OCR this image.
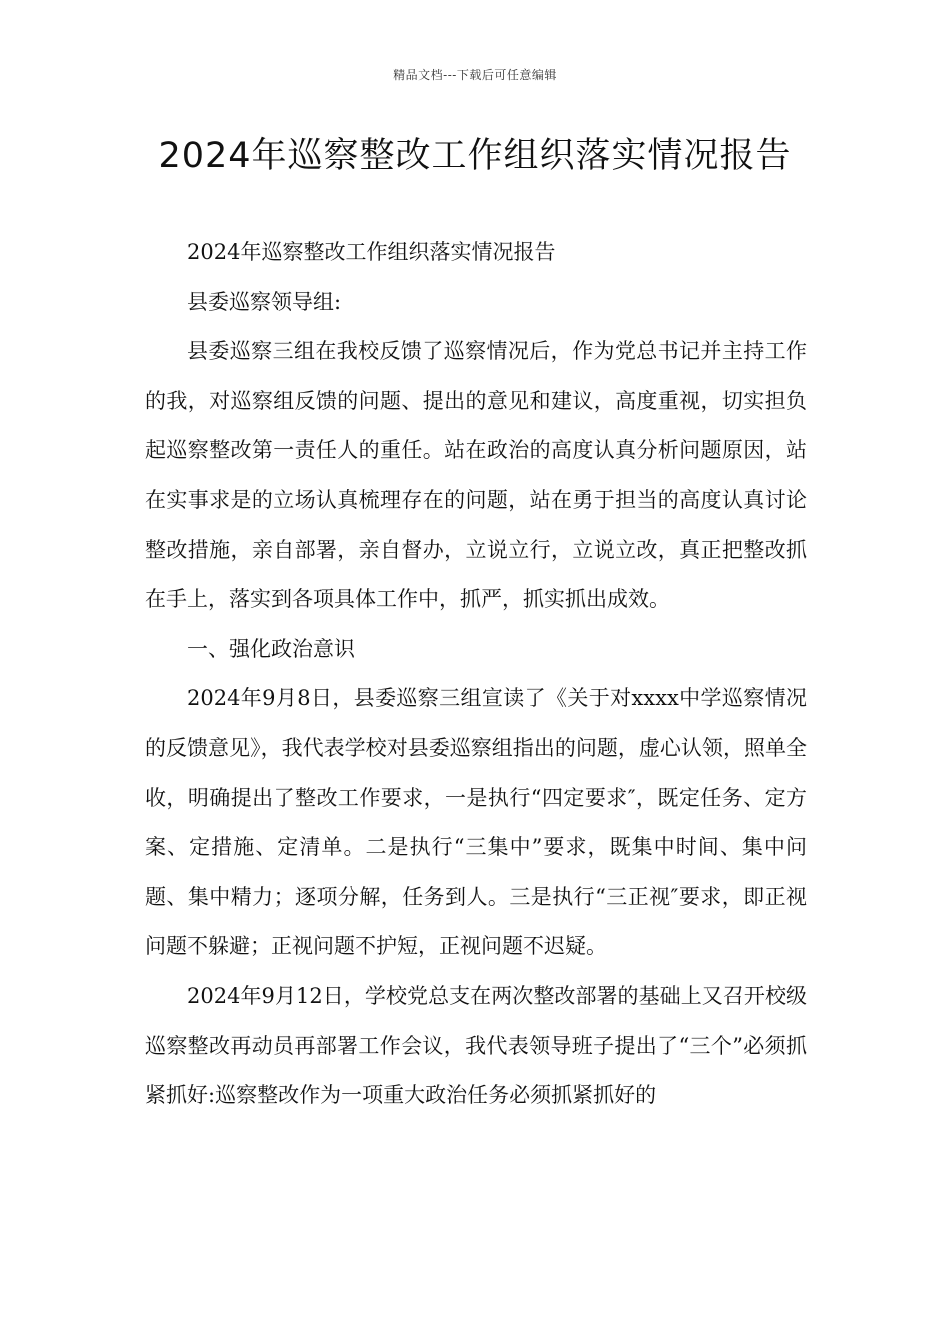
精品文档---下载后可任意编辑
2024年巡察整改工作组织落实情况报告

2024年巡察整改工作组织落实情况报告

县委巡察领导组:

县委巡察三组在我校反馈了巡察情况后，作为党总书记并主持工作的我，对巡察组反馈的问题、提出的意见和建议，高度重视，切实担负起巡察整改第一责任人的重任。站在政治的高度认真分析问题原因，站在实事求是的立场认真梳理存在的问题，站在勇于担当的高度认真讨论整改措施，亲自部署，亲自督办，立说立行，立说立改，真正把整改抓在手上，落实到各项具体工作中，抓严，抓实抓出成效。

一、强化政治意识

2024年9月8日，县委巡察三组宣读了《关于对xxxx中学巡察情况的反馈意见》，我代表学校对县委巡察组指出的问题，虚心认领，照单全收，明确提出了整改工作要求，一是执行“四定要求″，既定任务、定方案、定措施、定清单。二是执行“三集中”要求，既集中时间、集中问题、集中精力；逐项分解，任务到人。三是执行“三正视″要求，即正视问题不躲避；正视问题不护短，正视问题不迟疑。

2024年9月12日，学校党总支在两次整改部署的基础上又召开校级巡察整改再动员再部署工作会议，我代表领导班子提出了“三个”必须抓紧抓好:巡察整改作为一项重大政治任务必须抓紧抓好的
